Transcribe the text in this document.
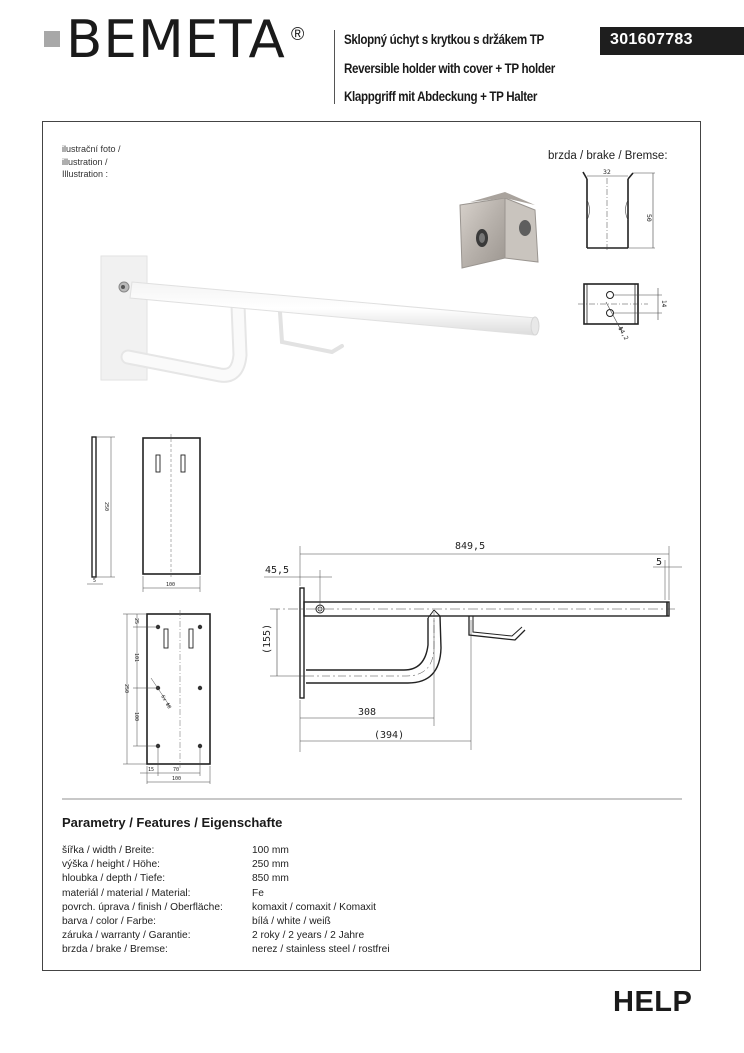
BEMETA ®	Sklopný úchyt s krytkou s držákem TP
Reversible holder with cover + TP holder
Klappgriff mit Abdeckung + TP Halter
301607783
ilustrační foto /
illustration /
Illustration :
brzda / brake / Bremse:
32
50
14
Φ4,2
250
5
100
25
101
100
250
6x Φ6
15	70
100
849,5
45,5
5
(155)
308
(394)
Parametry / Features / Eigenschafte
šířka / width / Breite:	100 mm
výška / height / Höhe:	250 mm
hloubka / depth / Tiefe:	850 mm
materiál / material / Material:	Fe
povrch. úprava / finish / Oberfläche:	komaxit / comaxit / Komaxit
barva / color / Farbe:	bílá / white / weiß
záruka / warranty / Garantie:	2 roky / 2 years / 2 Jahre
brzda / brake / Bremse:	nerez / stainless steel / rostfrei
HELP
